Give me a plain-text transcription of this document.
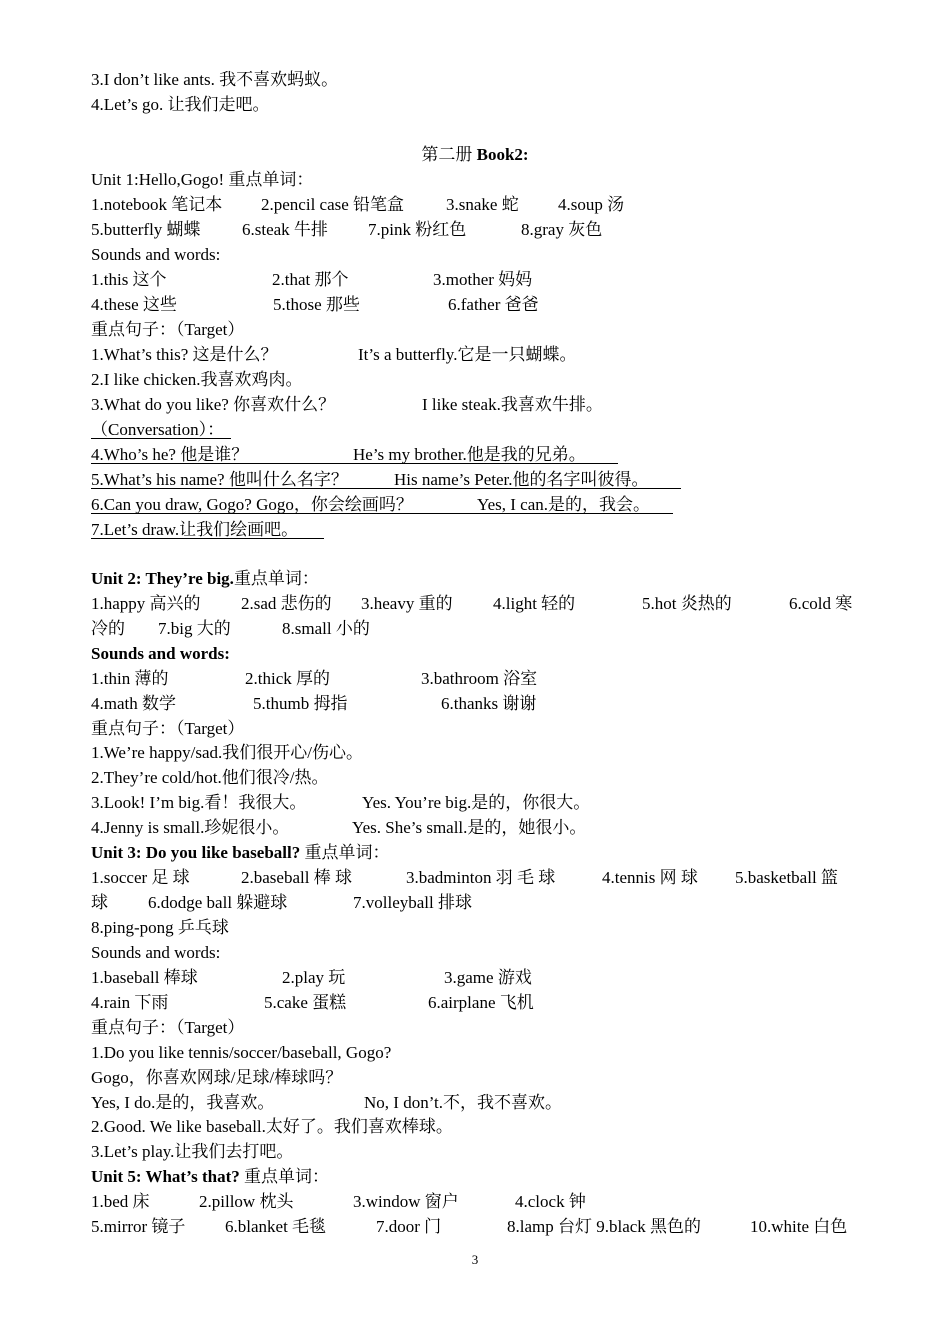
3.I don’t like ants. 我不喜欢蚂蚁。
4.Let’s go. 让我们走吧。
第二册 Book2:
Unit 1:Hello,Gogo! 重点单词：
1.notebook 笔记本 2.pencil case 铅笔盒 3.snake 蛇 4.soup 汤
5.butterfly 蝴蝶 6.steak 牛排 7.pink 粉红色	8.gray 灰色
Sounds and words:
1.this 这个	2.that 那个	3.mother 妈妈
4.these 这些	5.those 那些	6.father 爸爸
重点句子：（Target）
1.What’s this? 这是什么？	It’s a butterfly.它是一只蝴蝶。
2.I like chicken.我喜欢鸡肉。
3.What do you like? 你喜欢什么？	I like steak.我喜欢牛排。
（Conversation）：
4.Who’s he? 他是谁？	He’s my brother.他是我的兄弟。
5.What’s his name? 他叫什么名字？	His name’s Peter.他的名字叫彼得。
6.Can you draw, Gogo? Gogo，你会绘画吗？	Yes, I can.是的，我会。
7.Let’s draw.让我们绘画吧。
Unit 2: They’re big.重点单词：
1.happy 高兴的 2.sad 悲伤的 3.heavy 重的 4.light 轻的	5.hot 炎热的	6.cold 寒
冷的 7.big 大的	8.small 小的
Sounds and words:
1.thin 薄的	2.thick 厚的	3.bathroom 浴室
4.math 数学	5.thumb 拇指	6.thanks 谢谢
重点句子：（Target）
1.We’re happy/sad.我们很开心/伤心。
2.They’re cold/hot.他们很冷/热。
3.Look! I’m big.看！我很大。	Yes. You’re big.是的，你很大。
4.Jenny is small.珍妮很小。	Yes. She’s small.是的，她很小。
Unit 3: Do you like baseball? 重点单词：
1.soccer 足 球	2.baseball 棒 球	3.badminton 羽 毛 球	4.tennis 网 球 5.basketball 篮
球 6.dodge ball 躲避球	7.volleyball 排球
8.ping-pong 乒乓球
Sounds and words:
1.baseball 棒球	2.play 玩	3.game 游戏
4.rain 下雨	5.cake 蛋糕	6.airplane 飞机
重点句子：（Target）
1.Do you like tennis/soccer/baseball, Gogo?
Gogo，你喜欢网球/足球/棒球吗？
Yes, I do.是的，我喜欢。	No, I don’t.不，我不喜欢。
2.Good. We like baseball.太好了。我们喜欢棒球。
3.Let’s play.让我们去打吧。
Unit 5: What’s that? 重点单词：
1.bed 床	2.pillow 枕头	3.window 窗户	4.clock 钟
5.mirror 镜子 6.blanket 毛毯	7.door 门	8.lamp 台灯 9.black 黑色的	10.white 白色
3
